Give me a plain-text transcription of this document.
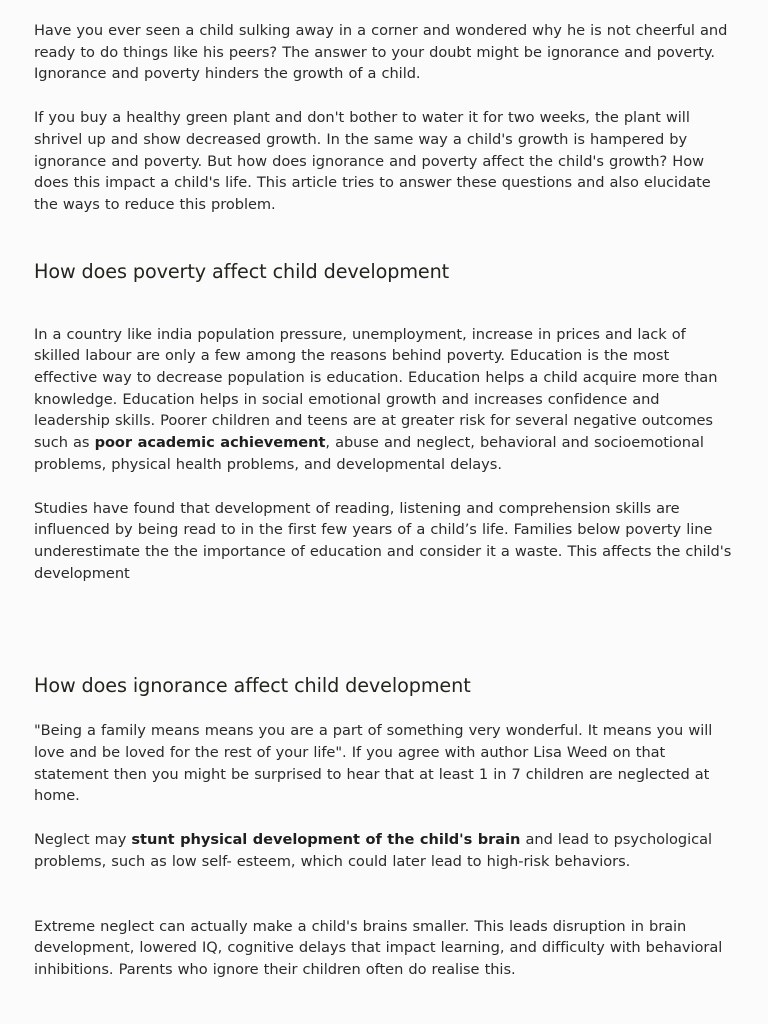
Have you ever seen a child sulking away in a corner and wondered why he is not cheerful and ready to do things like his peers? The answer to your doubt might be ignorance and poverty. Ignorance and poverty hinders the growth of a child.

If you buy a healthy green plant and don't bother to water it for two weeks, the plant will shrivel up and show decreased growth. In the same way a child's growth is hampered by ignorance and poverty. But how does ignorance and poverty affect the child's growth? How does this impact a child's life. This article tries to answer these questions and also elucidate the ways to reduce this problem.

How does poverty affect child development

In a country like india population pressure, unemployment, increase in prices and lack of skilled labour are only a few among the reasons behind poverty. Education is the most effective way to decrease population is education. Education helps a child acquire more than knowledge. Education helps in social emotional growth and increases confidence and leadership skills. Poorer children and teens are at greater risk for several negative outcomes such as poor academic achievement, abuse and neglect, behavioral and socioemotional problems, physical health problems, and developmental delays.

Studies have found that development of reading, listening and comprehension skills are influenced by being read to in the first few years of a child’s life. Families below poverty line underestimate the the importance of education and consider it a waste. This affects the child's development

How does ignorance affect child development

"Being a family means means you are a part of something very wonderful. It means you will love and be loved for the rest of your life". If you agree with author Lisa Weed on that statement then you might be surprised to hear that at least 1 in 7 children are neglected at home.

Neglect may stunt physical development of the child's brain and lead to psychological problems, such as low self- esteem, which could later lead to high-risk behaviors.

Extreme neglect can actually make a child's brains smaller. This leads disruption in brain development, lowered IQ, cognitive delays that impact learning, and difficulty with behavioral inhibitions. Parents who ignore their children often do realise this.
